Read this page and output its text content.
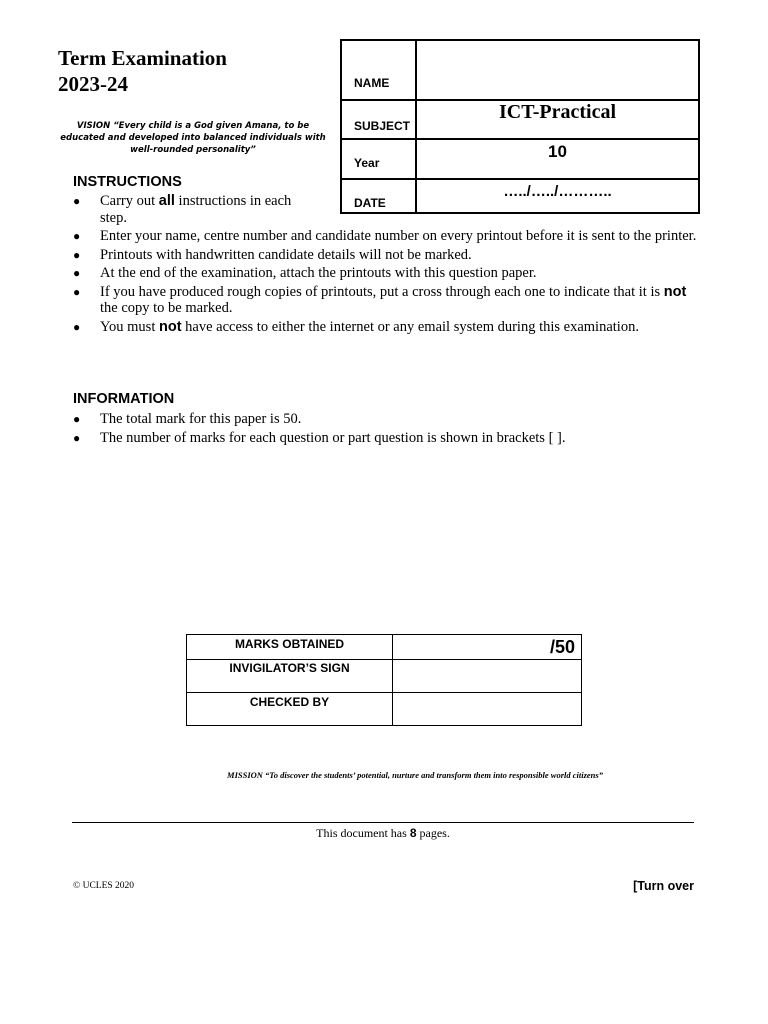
Term Examination
2023-24
VISION “Every child is a God given Amana, to be educated and developed into balanced individuals with well-rounded personality”
NAME
SUBJECT
ICT-Practical
Year
10
DATE
…../…../………..
INSTRUCTIONS
● Carry out all instructions in each step.
● Enter your name, centre number and candidate number on every printout before it is sent to the printer.
● Printouts with handwritten candidate details will not be marked.
● At the end of the examination, attach the printouts with this question paper.
● If you have produced rough copies of printouts, put a cross through each one to indicate that it is not the copy to be marked.
● You must not have access to either the internet or any email system during this examination.
INFORMATION
● The total mark for this paper is 50.
● The number of marks for each question or part question is shown in brackets [ ].
MARKS OBTAINED	/50
INVIGILATOR’S SIGN
CHECKED BY
MISSION “To discover the students’ potential, nurture and transform them into responsible world citizens”
This document has 8 pages.
© UCLES 2020	[Turn over
